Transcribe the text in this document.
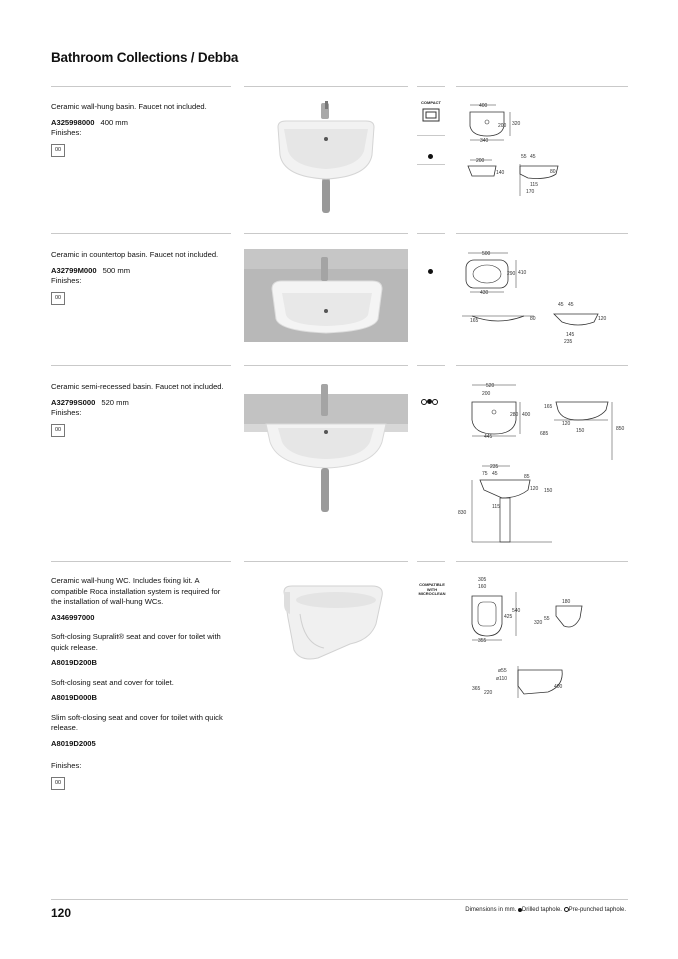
Bathroom Collections / Debba

Ceramic wall-hung basin. Faucet not included.

A325998000 400 mm

Finishes:

00
COMPACT
400
320
200
340
200
140
55 45
80
115
170

Ceramic in countertop basin. Faucet not included.

A32799M000 500 mm

Finishes:

00
500
290 410
430
165	80
45 45
120
145
235

Ceramic semi-recessed basin. Faucet not included.

A32799S000 520 mm

Finishes:

00
520
200
280 400
445
165
120
150
685
850
235
75 45	85
120 150
115
830

Ceramic wall-hung WC. Includes fixing kit. A compatible Roca installation system is required for the installation of wall-hung WCs.

A346997000

Soft-closing Supralit® seat and cover for toilet with quick release.

A8019D200B

Soft-closing seat and cover for toilet.

A8019D000B

Slim soft-closing seat and cover for toilet with quick release.

A8019D2005

Finishes:

00
COMPATIBLE WITH MICROCLEAN
305
160
425
540
355
180
320
55
ø55
ø110
365
220
400
120	Dimensions in mm. Drilled taphole. Pre-punched taphole.
